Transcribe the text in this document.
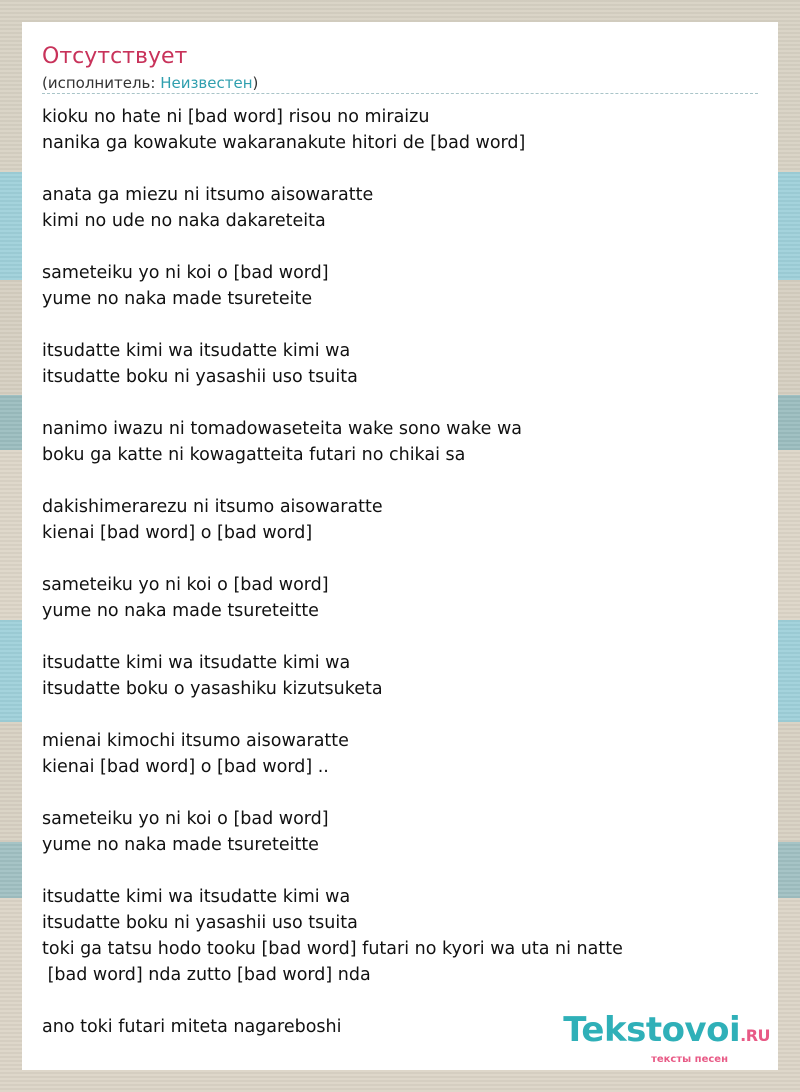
Отсутствует
(исполнитель: Неизвестен)
kioku no hate ni [bad word] risou no miraizu
nanika ga kowakute wakaranakute hitori de [bad word]
anata ga miezu ni itsumo aisowaratte
kimi no ude no naka dakareteita
sameteiku yo ni koi o [bad word]
yume no naka made tsureteite
itsudatte kimi wa itsudatte kimi wa
itsudatte boku ni yasashii uso tsuita
nanimo iwazu ni tomadowaseteita wake sono wake wa
boku ga katte ni kowagatteita futari no chikai sa
dakishimerarezu ni itsumo aisowaratte
kienai [bad word] o [bad word]
sameteiku yo ni koi o [bad word]
yume no naka made tsureteitte
itsudatte kimi wa itsudatte kimi wa
itsudatte boku o yasashiku kizutsuketa
mienai kimochi itsumo aisowaratte
kienai [bad word] o [bad word] ..
sameteiku yo ni koi o [bad word]
yume no naka made tsureteitte
itsudatte kimi wa itsudatte kimi wa
itsudatte boku ni yasashii uso tsuita
toki ga tatsu hodo tooku [bad word] futari no kyori wa uta ni natte
[bad word] nda zutto [bad word] nda
ano toki futari miteta nagareboshi	Tekstovoi.RU
тексты песен
